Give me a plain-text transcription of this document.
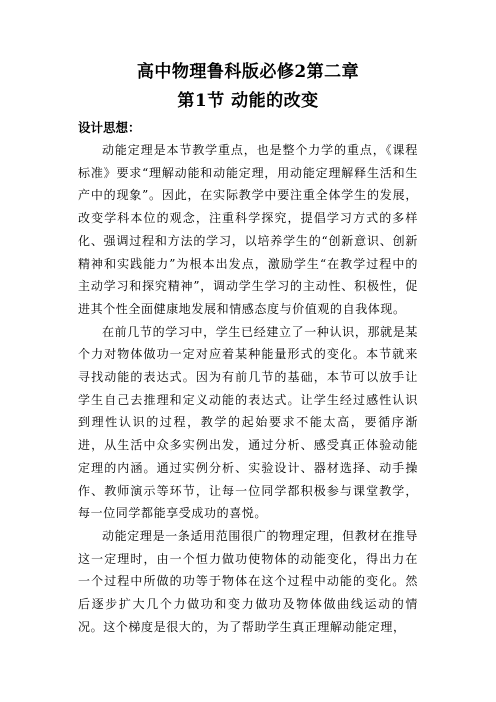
高中物理鲁科版必修2第二章
第1节 动能的改变
设计思想：

动能定理是本节教学重点，也是整个力学的重点，《课程标准》要求“理解动能和动能定理，用动能定理解释生活和生产中的现象”。因此，在实际教学中要注重全体学生的发展，改变学科本位的观念，注重科学探究，提倡学习方式的多样化、强调过程和方法的学习，以培养学生的“创新意识、创新精神和实践能力”为根本出发点，激励学生“在教学过程中的主动学习和探究精神”，调动学生学习的主动性、积极性，促进其个性全面健康地发展和情感态度与价值观的自我体现。

在前几节的学习中，学生已经建立了一种认识，那就是某个力对物体做功一定对应着某种能量形式的变化。本节就来寻找动能的表达式。因为有前几节的基础，本节可以放手让学生自己去推理和定义动能的表达式。让学生经过感性认识到理性认识的过程，教学的起始要求不能太高，要循序渐进，从生活中众多实例出发，通过分析、感受真正体验动能定理的内涵。通过实例分析、实验设计、器材选择、动手操作、教师演示等环节，让每一位同学都积极参与课堂教学，每一位同学都能享受成功的喜悦。

动能定理是一条适用范围很广的物理定理，但教材在推导这一定理时，由一个恒力做功使物体的动能变化，得出力在一个过程中所做的功等于物体在这个过程中动能的变化。然后逐步扩大几个力做功和变力做功及物体做曲线运动的情况。这个梯度是很大的，为了帮助学生真正理解动能定理，
